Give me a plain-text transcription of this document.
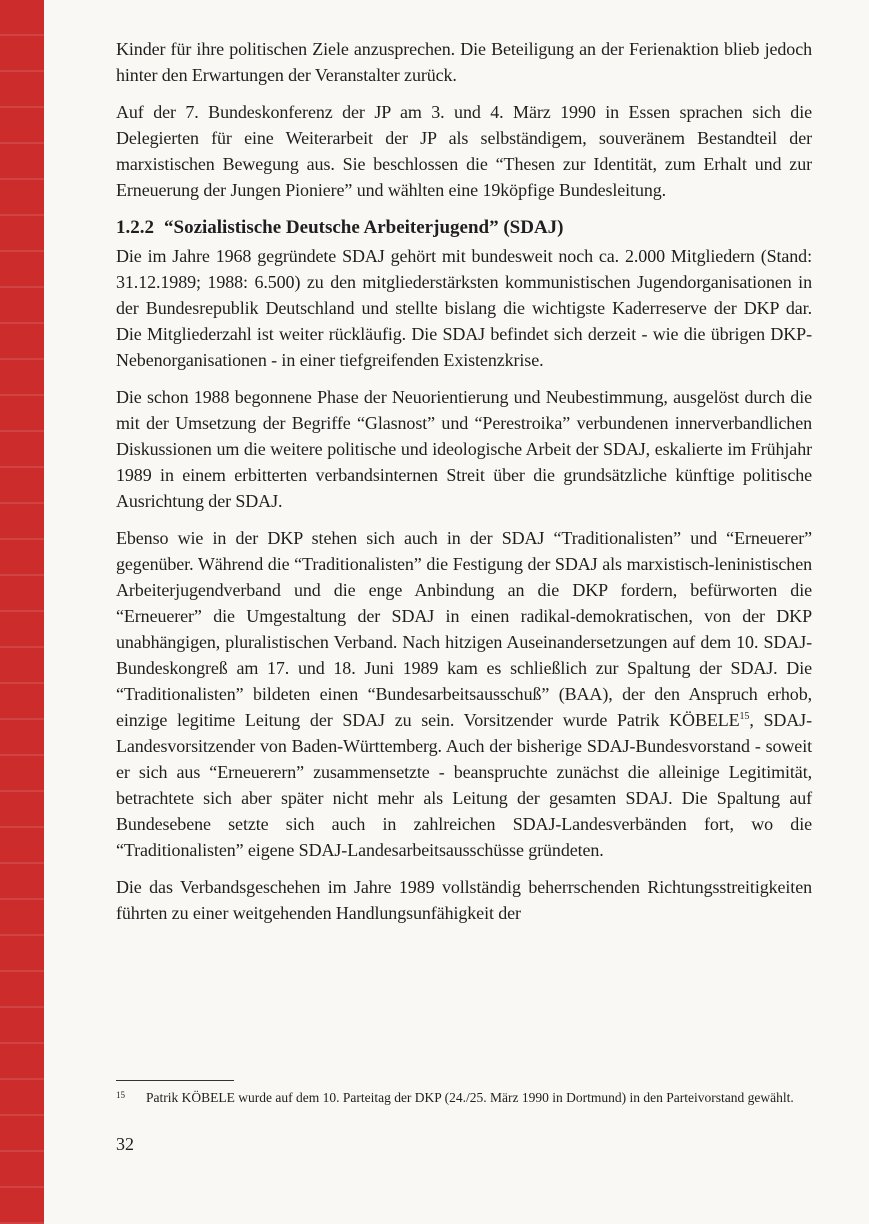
Kinder für ihre politischen Ziele anzusprechen. Die Beteiligung an der Ferienaktion blieb jedoch hinter den Erwartungen der Veranstalter zurück.

Auf der 7. Bundeskonferenz der JP am 3. und 4. März 1990 in Essen sprachen sich die Delegierten für eine Weiterarbeit der JP als selbständigem, souveränem Bestandteil der marxistischen Bewegung aus. Sie beschlossen die “Thesen zur Identität, zum Erhalt und zur Erneuerung der Jungen Pioniere” und wählten eine 19köpfige Bundesleitung.

1.2.2 “Sozialistische Deutsche Arbeiterjugend” (SDAJ)

Die im Jahre 1968 gegründete SDAJ gehört mit bundesweit noch ca. 2.000 Mitgliedern (Stand: 31.12.1989; 1988: 6.500) zu den mitgliederstärksten kommunistischen Jugendorganisationen in der Bundesrepublik Deutschland und stellte bislang die wichtigste Kaderreserve der DKP dar. Die Mitgliederzahl ist weiter rückläufig. Die SDAJ befindet sich derzeit - wie die übrigen DKP-Nebenorganisationen - in einer tiefgreifenden Existenzkrise.

Die schon 1988 begonnene Phase der Neuorientierung und Neubestimmung, ausgelöst durch die mit der Umsetzung der Begriffe “Glasnost” und “Perestroika” verbundenen innerverbandlichen Diskussionen um die weitere politische und ideologische Arbeit der SDAJ, eskalierte im Frühjahr 1989 in einem erbitterten verbandsinternen Streit über die grundsätzliche künftige politische Ausrichtung der SDAJ.

Ebenso wie in der DKP stehen sich auch in der SDAJ “Traditionalisten” und “Erneuerer” gegenüber. Während die “Traditionalisten” die Festigung der SDAJ als marxistisch-leninistischen Arbeiterjugendverband und die enge Anbindung an die DKP fordern, befürworten die “Erneuerer” die Umgestaltung der SDAJ in einen radikal-demokratischen, von der DKP unabhängigen, pluralistischen Verband. Nach hitzigen Auseinandersetzungen auf dem 10. SDAJ-Bundeskongreß am 17. und 18. Juni 1989 kam es schließlich zur Spaltung der SDAJ. Die “Traditionalisten” bildeten einen “Bundesarbeitsausschuß” (BAA), der den Anspruch erhob, einzige legitime Leitung der SDAJ zu sein. Vorsitzender wurde Patrik KÖBELE$^{15}$, SDAJ-Landesvorsitzender von Baden-Württemberg. Auch der bisherige SDAJ-Bundesvorstand - soweit er sich aus “Erneuerern” zusammensetzte - beanspruchte zunächst die alleinige Legitimität, betrachtete sich aber später nicht mehr als Leitung der gesamten SDAJ. Die Spaltung auf Bundesebene setzte sich auch in zahlreichen SDAJ-Landesverbänden fort, wo die “Traditionalisten” eigene SDAJ-Landesarbeitsausschüsse gründeten.

Die das Verbandsgeschehen im Jahre 1989 vollständig beherrschenden Richtungsstreitigkeiten führten zu einer weitgehenden Handlungsunfähigkeit der

15	Patrik KÖBELE wurde auf dem 10. Parteitag der DKP (24./25. März 1990 in Dortmund) in den Parteivorstand gewählt.
32
